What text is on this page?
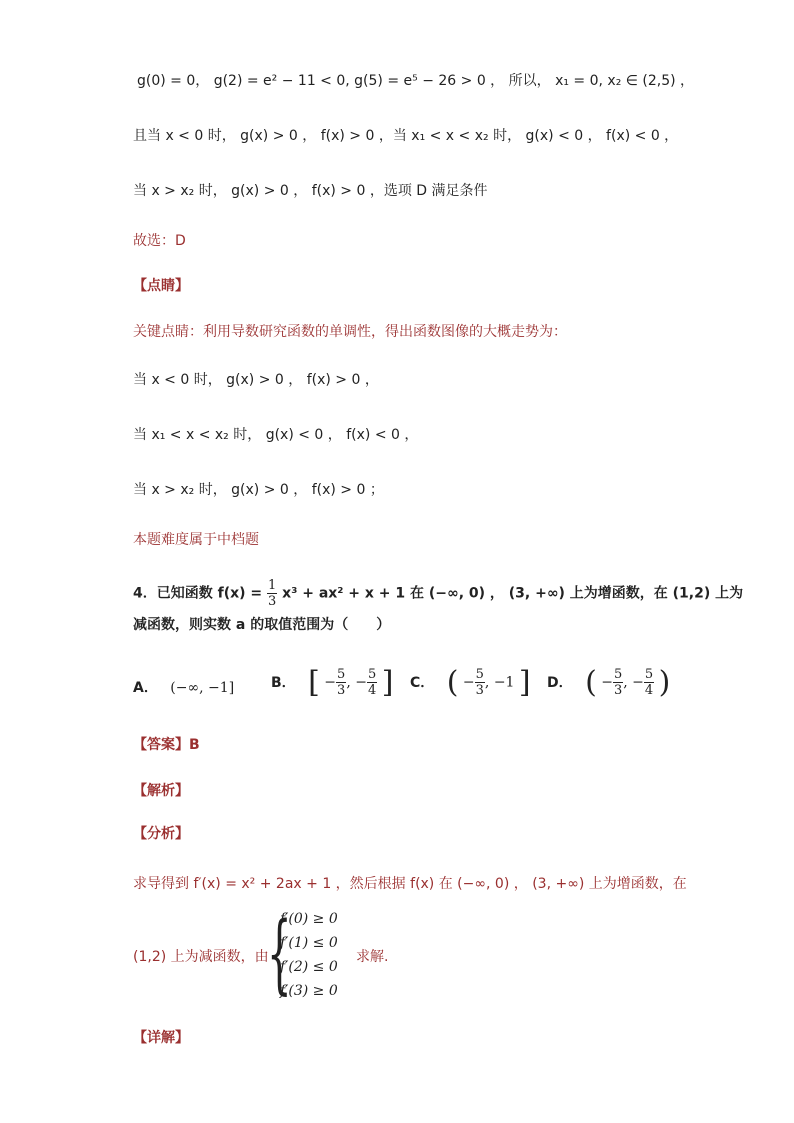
g(0) = 0， g(2) = e² − 11 < 0, g(5) = e⁵ − 26 > 0 ， 所以， x₁ = 0, x₂ ∈ (2,5) ，
且当 x < 0 时， g(x) > 0 ， f(x) > 0 ，当 x₁ < x < x₂ 时， g(x) < 0 ， f(x) < 0 ，
当 x > x₂ 时， g(x) > 0 ， f(x) > 0 ，选项 D 满足条件
故选：D
【点睛】
关键点睛：利用导数研究函数的单调性，得出函数图像的大概走势为：
当 x < 0 时， g(x) > 0 ， f(x) > 0 ，
当 x₁ < x < x₂ 时， g(x) < 0 ， f(x) < 0 ，
当 x > x₂ 时， g(x) > 0 ， f(x) > 0 ；
本题难度属于中档题
4．已知函数 $f(x) = \frac{1}{3} x^3 + ax^2 + x + 1$ 在 (−∞, 0) ， (3, +∞) 上为增函数，在 (1,2) 上为
减函数，则实数 a 的取值范围为（　　）
A． (−∞, −1]	B． [ − $\frac{5}{3}$ , − $\frac{5}{4}$ ] C． ( − $\frac{5}{3}$ , −1 ] D． ( − $\frac{5}{3}$ , − $\frac{5}{4}$ )
【答案】B
【解析】
【分析】
求导得到 f′(x) = x² + 2ax + 1 ，然后根据 f(x) 在 (−∞, 0) ， (3, +∞) 上为增函数，在
(1,2) 上为减函数，由
{
f′(0) ≥ 0
f′(1) ≤ 0
f′(2) ≤ 0
f′(3) ≥ 0
求解.
【详解】
